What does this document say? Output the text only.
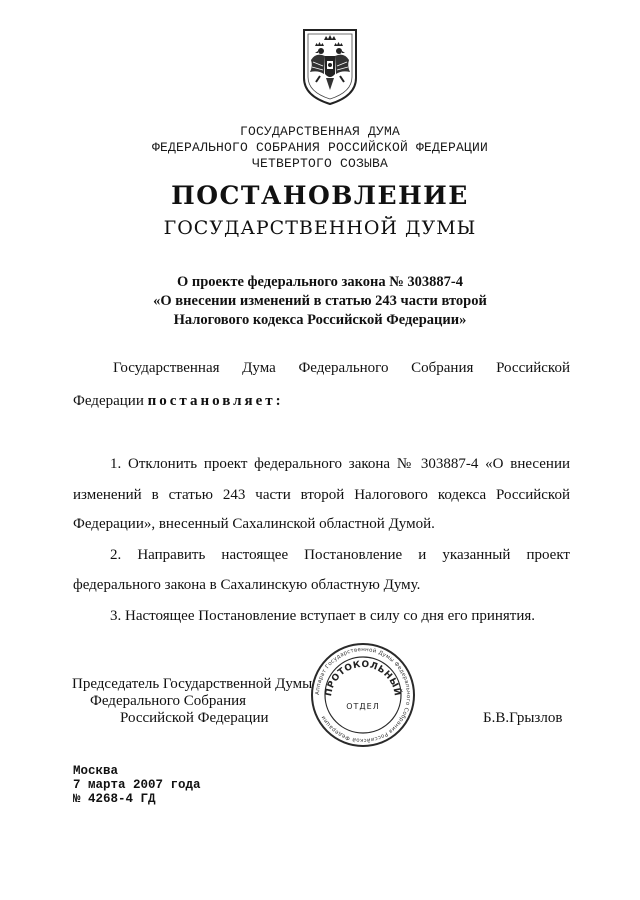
ГОСУДАРСТВЕННАЯ ДУМА
ФЕДЕРАЛЬНОГО СОБРАНИЯ РОССИЙСКОЙ ФЕДЕРАЦИИ
ЧЕТВЕРТОГО СОЗЫВА
ПОСТАНОВЛЕНИЕ
ГОСУДАРСТВЕННОЙ ДУМЫ
О проекте федерального закона № 303887-4
«О внесении изменений в статью 243 части второй
Налогового кодекса Российской Федерации»
Государственная Дума Федерального Собрания Российской
Федерации постановляет:
1. Отклонить проект федерального закона № 303887-4 «О внесении
изменений в статью 243 части второй Налогового кодекса Российской
Федерации», внесенный Сахалинской областной Думой.
2. Направить настоящее Постановление и указанный проект
федерального закона в Сахалинскую областную Думу.
3. Настоящее Постановление вступает в силу со дня его принятия.
Председатель Государственной Думы
Федерального Собрания
Российской Федерации	Б.В.Грызлов
Аппарат Государственной Думы Федерального Собрания Российской Федерации
ПРОТОКОЛЬНЫЙ
ОТДЕЛ
Москва
7 марта 2007 года
№ 4268-4 ГД
